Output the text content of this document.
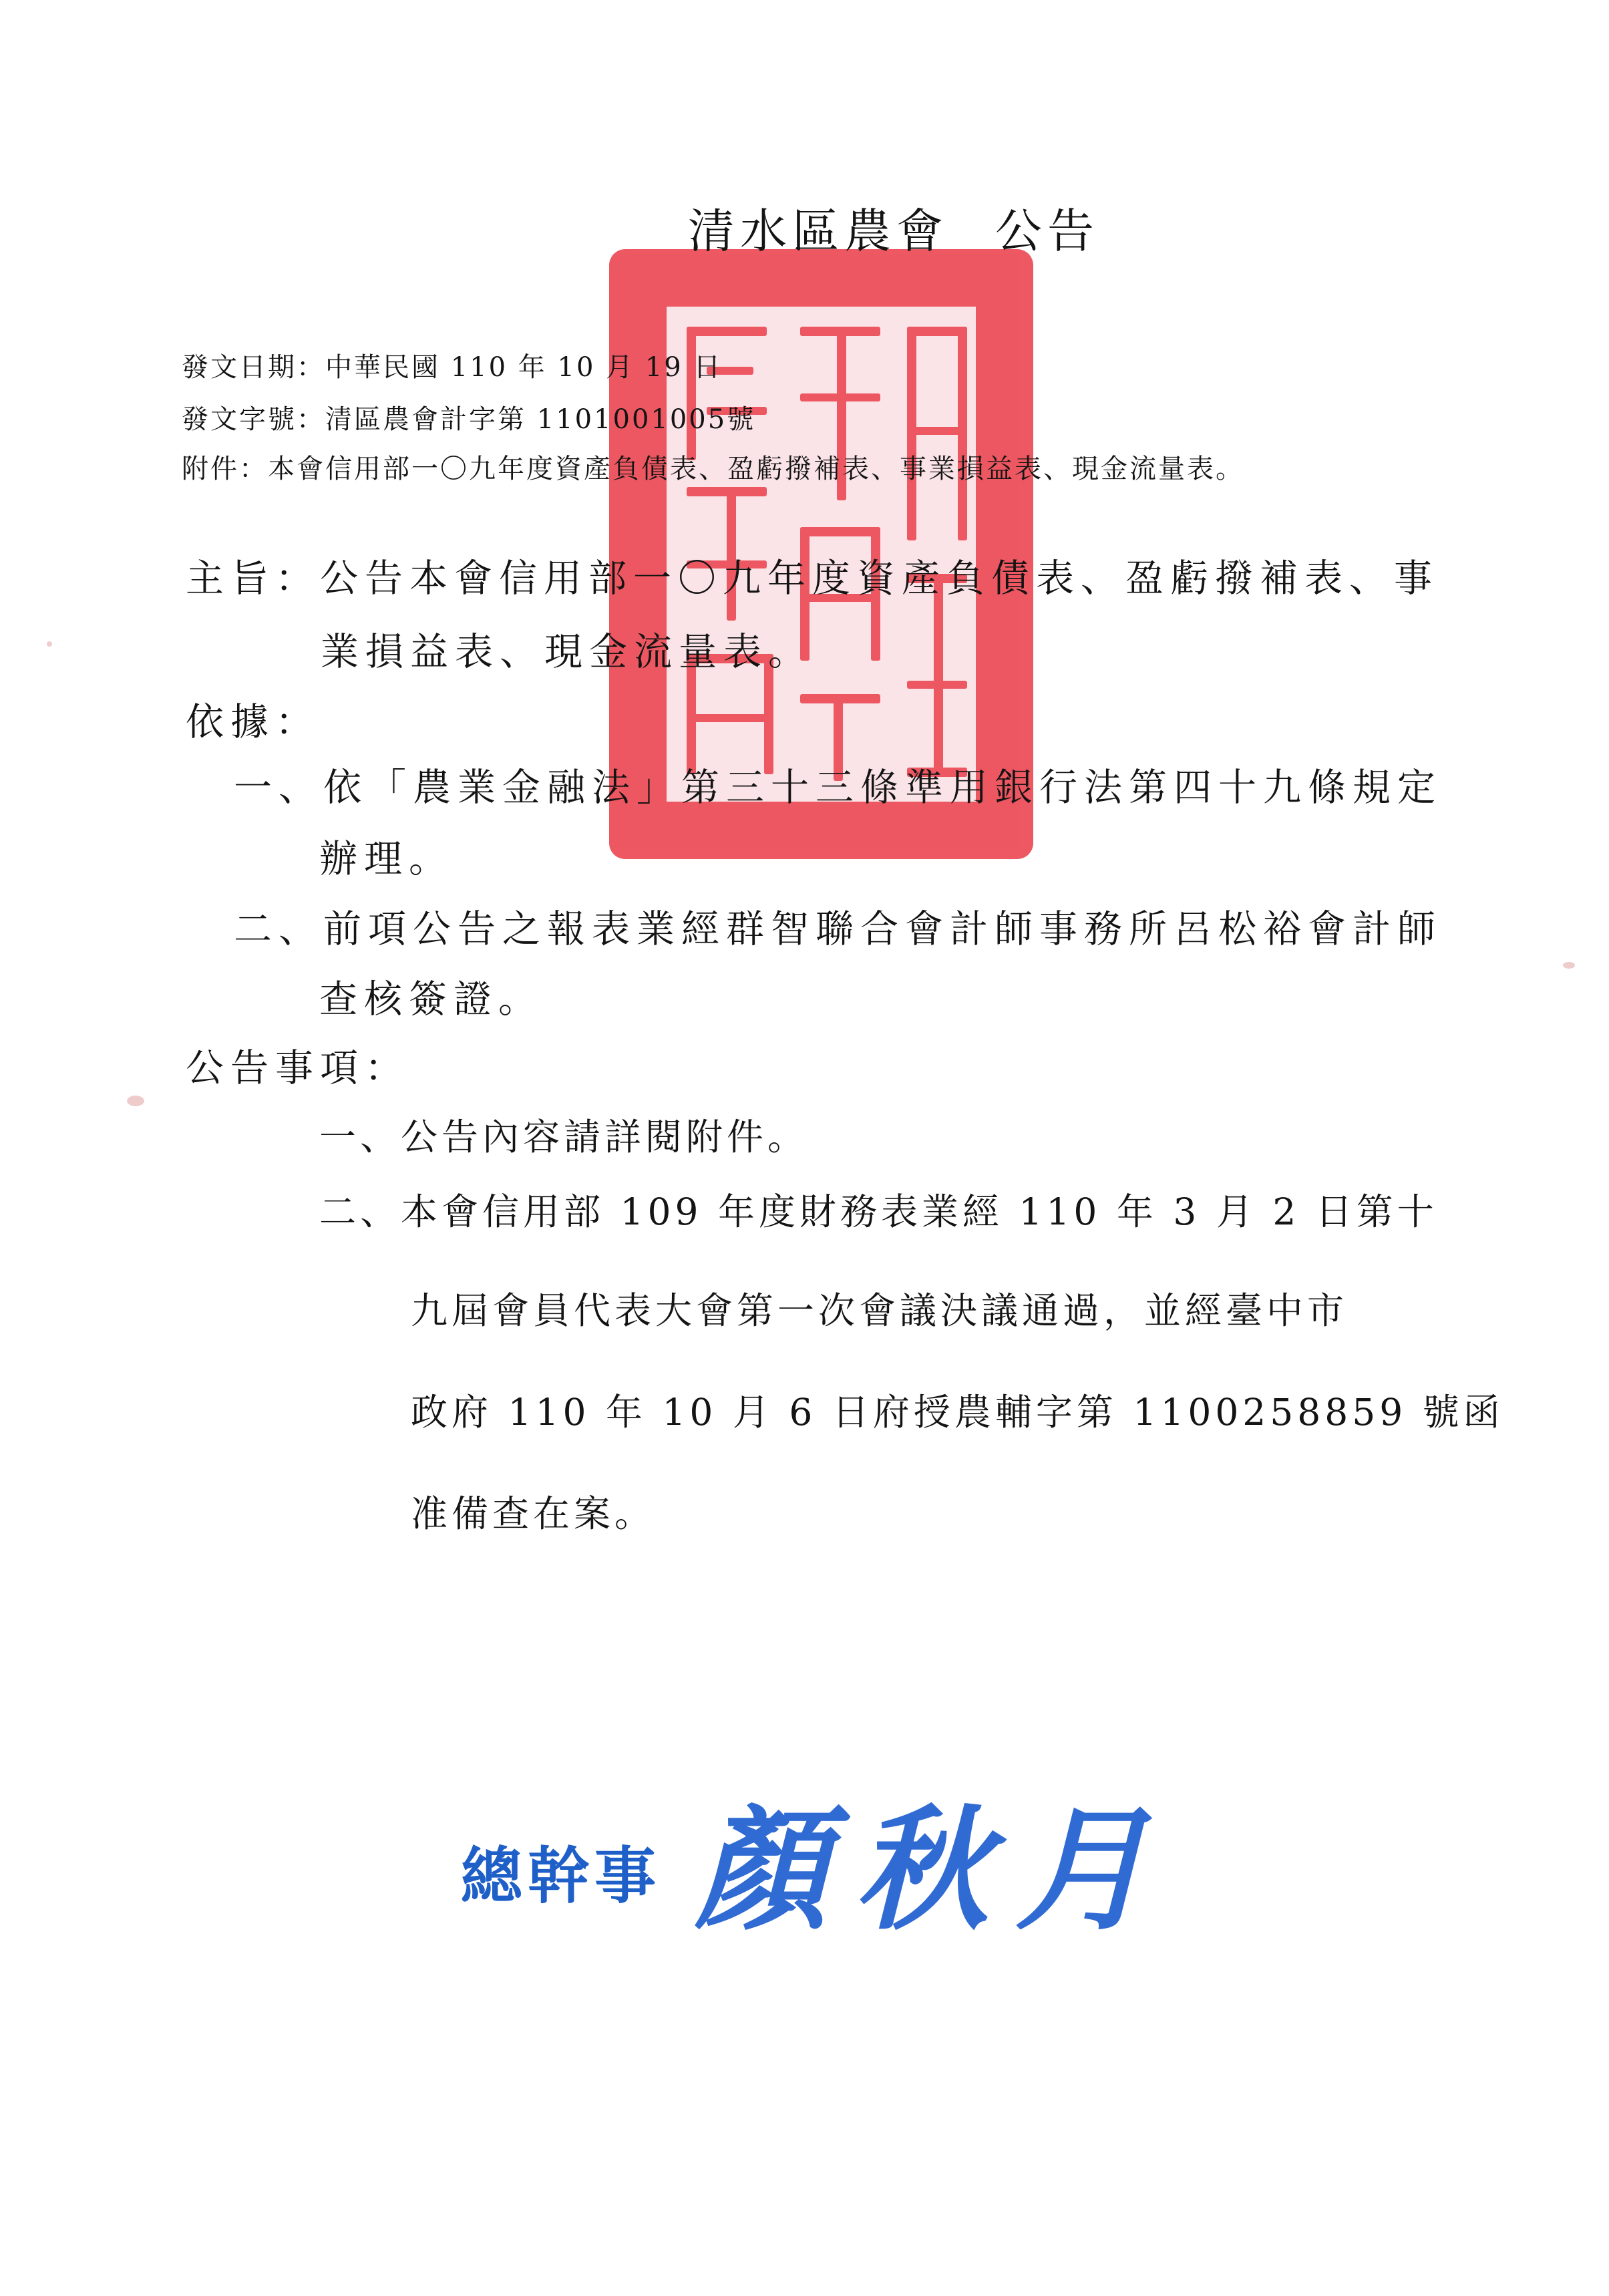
清水區農會 公告
發文日期：中華民國 110 年 10 月 19 日
發文字號：清區農會計字第 1101001005號
附件：本會信用部一〇九年度資產負債表、盈虧撥補表、事業損益表、現金流量表。
主旨：公告本會信用部一〇九年度資產負債表、盈虧撥補表、事
業損益表、現金流量表。
依據：
一、依「農業金融法」第三十三條準用銀行法第四十九條規定
辦理。
二、前項公告之報表業經群智聯合會計師事務所呂松裕會計師
查核簽證。
公告事項：
一、公告內容請詳閱附件。
二、本會信用部 109 年度財務表業經 110 年 3 月 2 日第十
九屆會員代表大會第一次會議決議通過，並經臺中市
政府 110 年 10 月 6 日府授農輔字第 1100258859 號函
准備查在案。
總幹事 顏秋月
